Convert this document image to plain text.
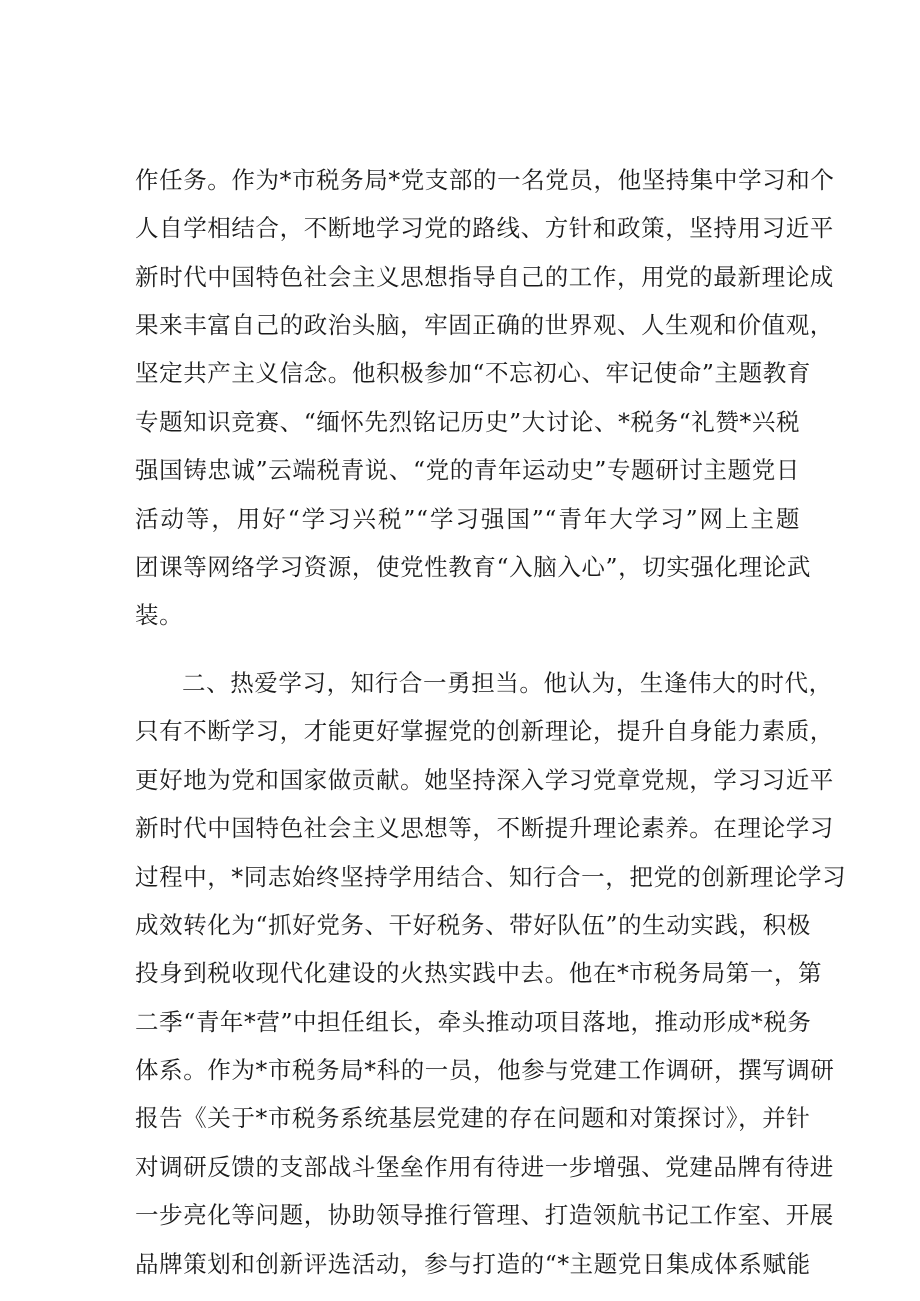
作任务。作为*市税务局*党支部的一名党员，他坚持集中学习和个
人自学相结合，不断地学习党的路线、方针和政策，坚持用习近平
新时代中国特色社会主义思想指导自己的工作，用党的最新理论成
果来丰富自己的政治头脑，牢固正确的世界观、人生观和价值观，
坚定共产主义信念。他积极参加“不忘初心、牢记使命”主题教育
专题知识竞赛、“缅怀先烈铭记历史”大讨论、*税务“礼赞*兴税
强国铸忠诚”云端税青说、“党的青年运动史”专题研讨主题党日
活动等，用好“学习兴税”“学习强国”“青年大学习”网上主题
团课等网络学习资源，使党性教育“入脑入心”，切实强化理论武
装。
二、热爱学习，知行合一勇担当。他认为，生逢伟大的时代，
只有不断学习，才能更好掌握党的创新理论，提升自身能力素质，
更好地为党和国家做贡献。她坚持深入学习党章党规，学习习近平
新时代中国特色社会主义思想等，不断提升理论素养。在理论学习
过程中，*同志始终坚持学用结合、知行合一，把党的创新理论学习
成效转化为“抓好党务、干好税务、带好队伍”的生动实践，积极
投身到税收现代化建设的火热实践中去。他在*市税务局第一，第
二季“青年*营”中担任组长，牵头推动项目落地，推动形成*税务
体系。作为*市税务局*科的一员，他参与党建工作调研，撰写调研
报告《关于*市税务系统基层党建的存在问题和对策探讨》，并针
对调研反馈的支部战斗堡垒作用有待进一步增强、党建品牌有待进
一步亮化等问题，协助领导推行管理、打造领航书记工作室、开展
品牌策划和创新评选活动，参与打造的“*主题党日集成体系赋能
